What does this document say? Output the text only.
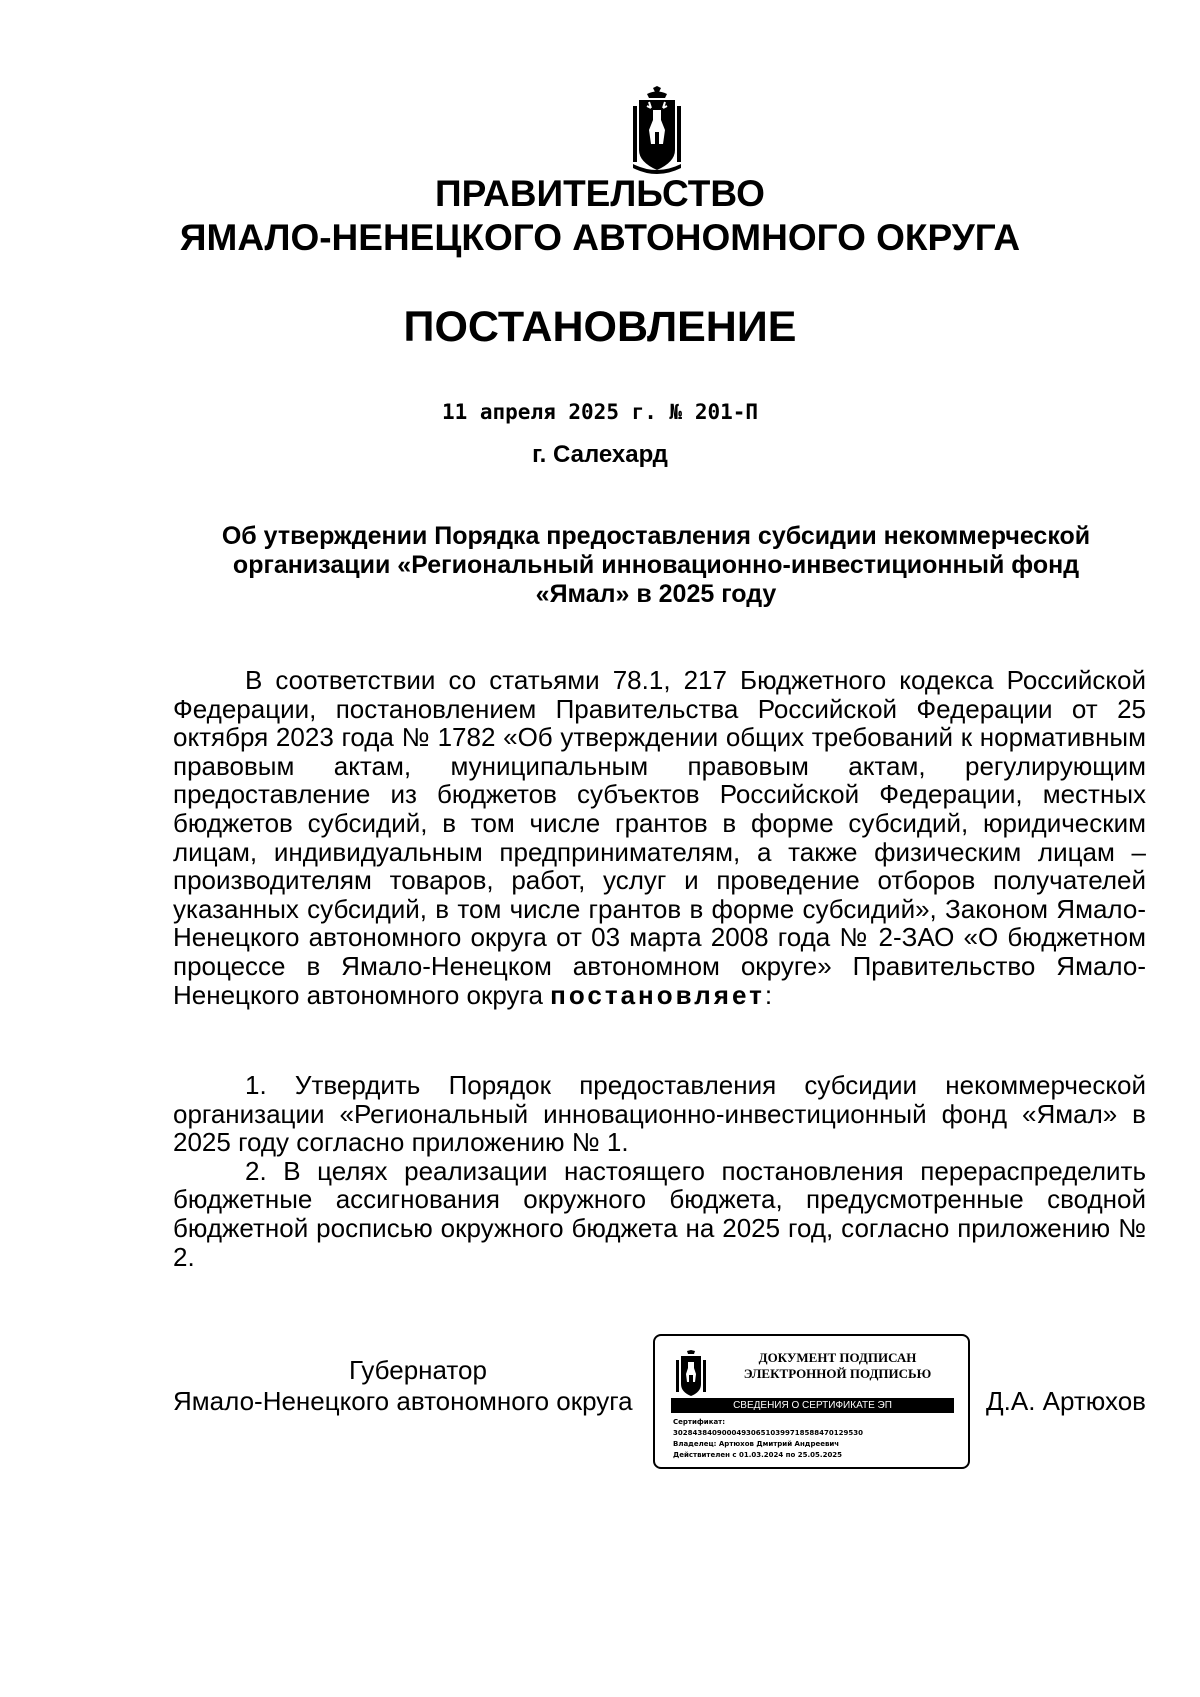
ПРАВИТЕЛЬСТВО
ЯМАЛО-НЕНЕЦКОГО АВТОНОМНОГО ОКРУГА
ПОСТАНОВЛЕНИЕ
11 апреля 2025 г. № 201-П
г. Салехард
Об утверждении Порядка предоставления субсидии некоммерческой организации «Региональный инновационно-инвестиционный фонд «Ямал» в 2025 году

В соответствии со статьями 78.1, 217 Бюджетного кодекса Российской Федерации, постановлением Правительства Российской Федерации от 25 октября 2023 года № 1782 «Об утверждении общих требований к нормативным правовым актам, муниципальным правовым актам, регулирующим предоставление из бюджетов субъектов Российской Федерации, местных бюджетов субсидий, в том числе грантов в форме субсидий, юридическим лицам, индивидуальным предпринимателям, а также физическим лицам – производителям товаров, работ, услуг и проведение отборов получателей указанных субсидий, в том числе грантов в форме субсидий», Законом Ямало-Ненецкого автономного округа от 03 марта 2008 года № 2-ЗАО «О бюджетном процессе в Ямало-Ненецком автономном округе» Правительство Ямало-Ненецкого автономного округа постановляет:

1. Утвердить Порядок предоставления субсидии некоммерческой организации «Региональный инновационно-инвестиционный фонд «Ямал» в 2025 году согласно приложению № 1.

2. В целях реализации настоящего постановления перераспределить бюджетные ассигнования окружного бюджета, предусмотренные сводной бюджетной росписью окружного бюджета на 2025 год, согласно приложению № 2.

Губернатор
Ямало-Ненецкого автономного округа
ДОКУМЕНТ ПОДПИСАН
ЭЛЕКТРОННОЙ ПОДПИСЬЮ
СВЕДЕНИЯ О СЕРТИФИКАТЕ ЭП
Сертификат:
302843840900049306510399718588470129530
Владелец: Артюхов Дмитрий Андреевич
Действителен с 01.03.2024 по 25.05.2025
Д.А. Артюхов
